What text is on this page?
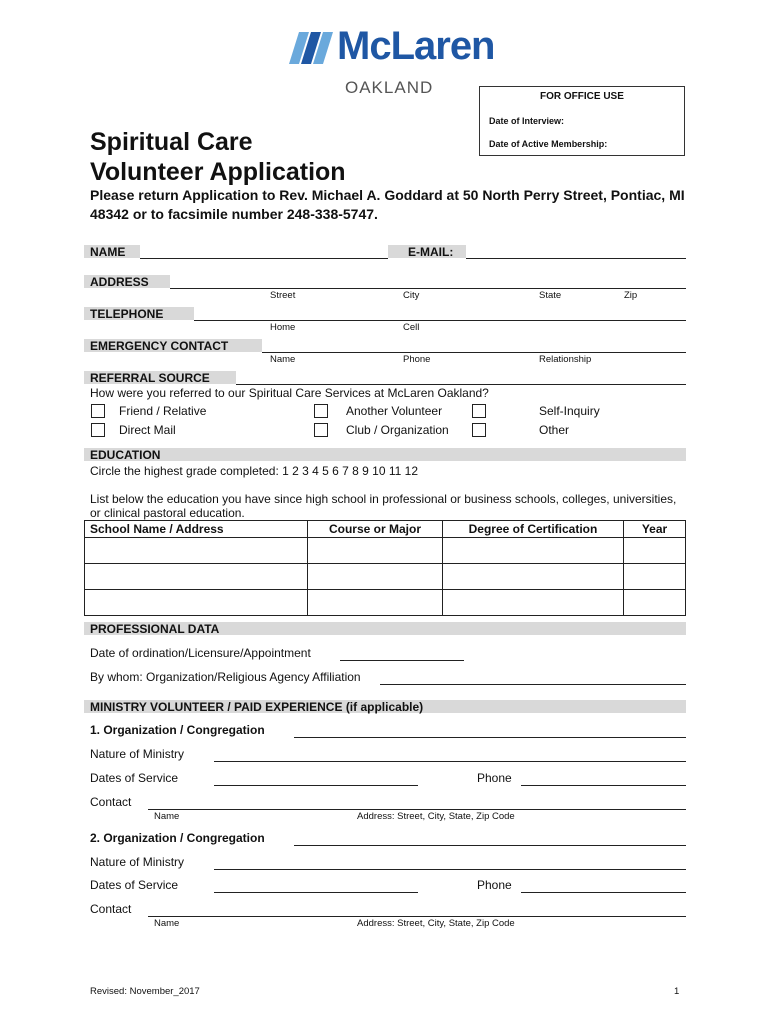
McLaren
OAKLAND	FOR OFFICE USE
Date of Interview:
Date of Active Membership:
Spiritual Care
Volunteer Application
Please return Application to Rev. Michael A. Goddard at 50 North Perry Street, Pontiac, MI 48342 or to facsimile number 248-338-5747.
NAME	E-MAIL:
ADDRESS
Street	City	State	Zip
TELEPHONE
Home	Cell
EMERGENCY CONTACT
Name	Phone	Relationship
REFERRAL SOURCE
How were you referred to our Spiritual Care Services at McLaren Oakland?
Friend / Relative	Another Volunteer	Self-Inquiry
Direct Mail	Club / Organization	Other
EDUCATION
Circle the highest grade completed: 1 2 3 4 5 6 7 8 9 10 11 12
List below the education you have since high school in professional or business schools, colleges, universities, or clinical pastoral education.
School Name / Address	Course or Major	Degree of Certification	Year

PROFESSIONAL DATA
Date of ordination/Licensure/Appointment
By whom: Organization/Religious Agency Affiliation
MINISTRY VOLUNTEER / PAID EXPERIENCE (if applicable)
1. Organization / Congregation
Nature of Ministry
Dates of Service	Phone
Contact
Name	Address: Street, City, State, Zip Code
2. Organization / Congregation
Nature of Ministry
Dates of Service	Phone
Contact
Name	Address: Street, City, State, Zip Code
Revised: November_2017	1
